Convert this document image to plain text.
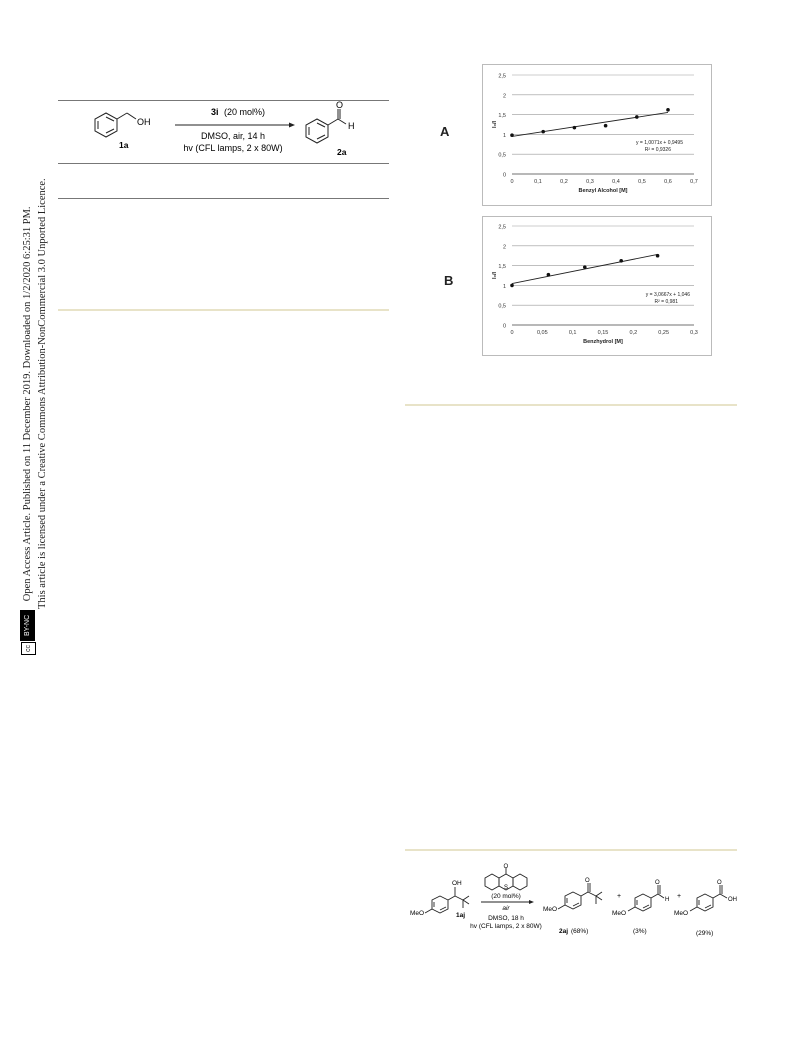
ccBY-NC Open Access Article. Published on 11 December 2019. Downloaded on 1/2/2020 6:25:31 PM. This article is licensed under a Creative Commons Attribution-NonCommercial 3.0 Unported Licence.
OH
1a
3i (20 mol%)
DMSO, air, 14 h
hv (CFL lamps, 2 x 80W)
O
H
2a
A
0
0,5
1
1,5
2
2,5
0	0,1	0,2	0,3	0,4	0,5	0,6	0,7
Benzyl Alcohol [M]
I₀/I
y = 1,0071x + 0,9495
R² = 0,9326
B
0
0,5
1
1,5
2
2,5
0	0,05	0,1	0,15	0,2	0,25	0,3
Benzhydrol [M]
I₀/I
y = 3,0667x + 1,046
R² = 0,981
MeO
OH
1aj
O
S
(20 mol%)
air
DMSO, 18 h
hv (CFL lamps, 2 x 80W)
O
MeO
2aj (68%)
+
O
H
MeO
(3%)
+
O
OH
MeO
(29%)
